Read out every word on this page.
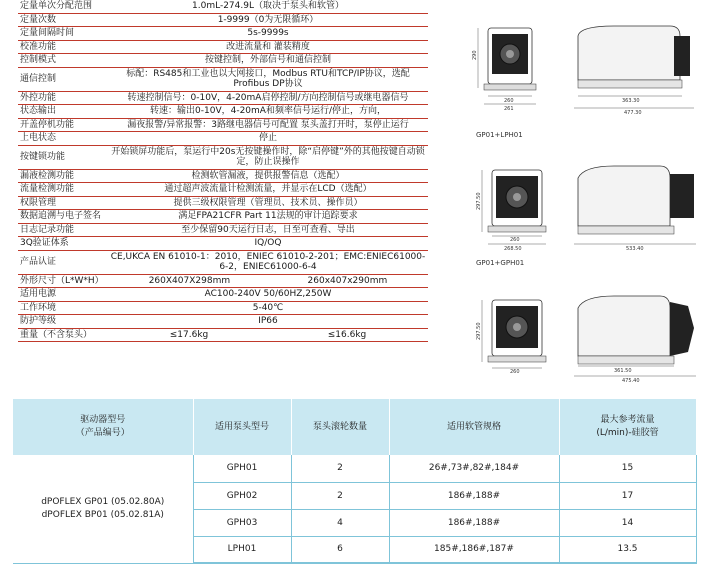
定量单次分配范围	1.0mL-274.9L（取决于泵头和软管）
定量次数	1-9999（0为无限循环）
定量间隔时间	5s-9999s
校准功能	改进流量和 灌装精度
控制模式	按键控制，外部信号和通信控制
通信控制	标配：RS485和工业也以大网接口，Modbus RTU和TCP/IP协议，选配Profibus DP协议
外控功能	转速控制信号：0-10V，4-20mA启停控制/方向控制信号或继电器信号
状态输出	转速：输出0-10V，4-20mA和频率信号运行/停止，方向，
开盖停机功能	漏夜报警/异常报警：3路继电器信号可配置 泵头盖打开时，泵停止运行
上电状态	停止
按键锁功能	开始锁屏功能后，泵运行中20s无按键操作时，除“启停键”外的其他按键自动锁定，防止误操作
漏液检测功能	检测软管漏液，提供报警信息（选配）
流量检测功能	通过超声波流量计检测流量，并显示在LCD（选配）
权限管理	提供三级权限管理（管理员、技术员、操作员）
数据追溯与电子签名	满足FPA21CFR Part 11法规的审计追踪要求
日志记录功能	至少保留90天运行日志，日至可查看、导出
3Q验证体系	IQ/OQ
产品认证	CE,UKCA EN 61010-1：2010，ENIEC 61010-2-201；EMC:ENIEC61000-6-2，ENIEC61000-6-4
外形尺寸（L*W*H）	260X407X298mm 260x407x290mm

适用电源	AC100-240V 50/60HZ,250W
工作环境	5-40℃
防护等级	IP66
重量（不含泵头）	≤17.6kg ≤16.6kg
290
260
261
363.30
477.30
GP01+LPH01
297.50
260
268.50	533.40
GP01+GPH01
297.50
260	361.50
475.40
驱动器型号
（产品编号）	适用泵头型号	泵头滚轮数量	适用软管规格	最大参考流量
(L/min)-硅胶管
dPOFLEX GP01 (05.02.80A)
dPOFLEX BP01 (05.02.81A)	GPH01	2	26#,73#,82#,184#	15
	GPH02	2	186#,188#	17
	GPH03	4	186#,188#	14
	LPH01	6	185#,186#,187#	13.5
